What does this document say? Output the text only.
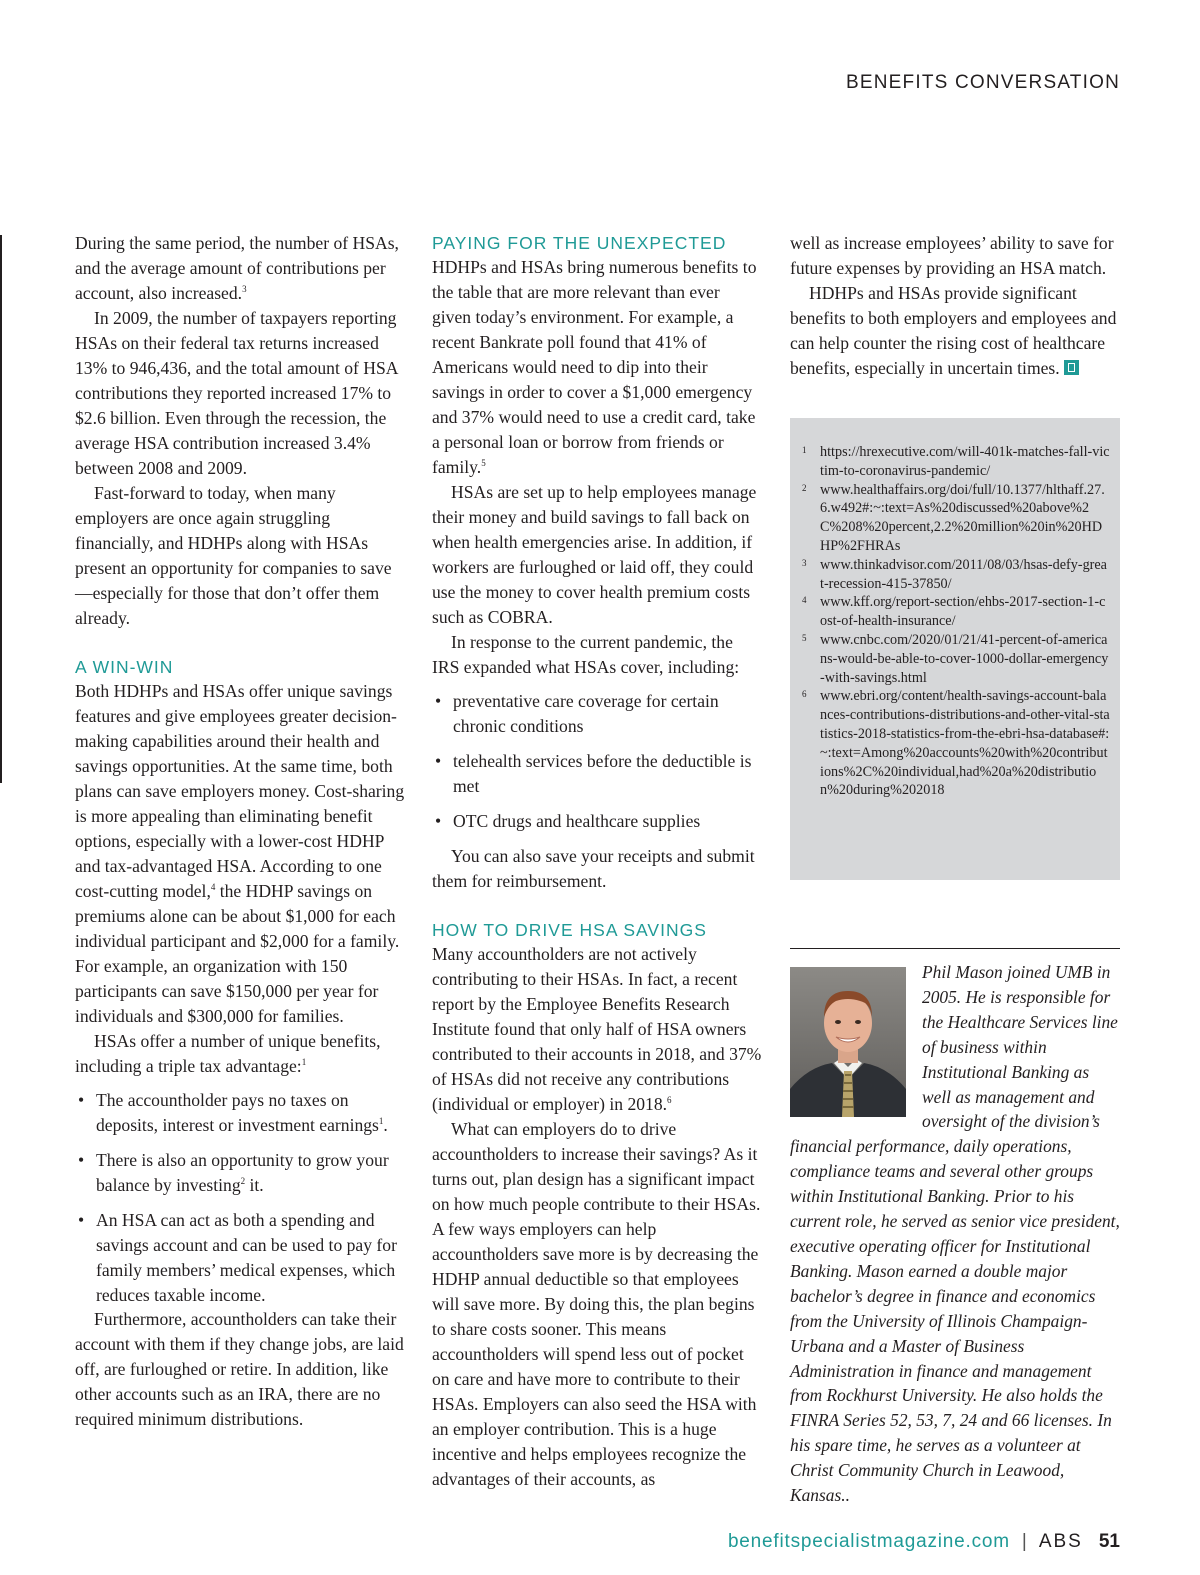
BENEFITS CONVERSATION

During the same period, the number of HSAs, and the average amount of contributions per account, also increased.$^3$

In 2009, the number of taxpayers reporting HSAs on their federal tax returns increased 13% to 946,436, and the total amount of HSA contributions they reported increased 17% to $2.6 billion. Even through the recession, the average HSA contribution increased 3.4% between 2008 and 2009.

Fast-forward to today, when many employers are once again struggling financially, and HDHPs along with HSAs present an opportunity for companies to save—especially for those that don’t offer them already.

A WIN-WIN

Both HDHPs and HSAs offer unique savings features and give employees greater decision-making capabilities around their health and savings opportunities. At the same time, both plans can save employers money. Cost-sharing is more appealing than eliminating benefit options, especially with a lower-cost HDHP and tax-advantaged HSA. According to one cost-cutting model,$^4$ the HDHP savings on premiums alone can be about $1,000 for each individual participant and $2,000 for a family. For example, an organization with 150 participants can save $150,000 per year for individuals and $300,000 for families.

HSAs offer a number of unique benefits, including a triple tax advantage:$^1$

• The accountholder pays no taxes on deposits, interest or investment earnings$^1$.
• There is also an opportunity to grow your balance by investing$^2$ it.
• An HSA can act as both a spending and savings account and can be used to pay for family members’ medical expenses, which reduces taxable income.

Furthermore, accountholders can take their account with them if they change jobs, are laid off, are furloughed or retire. In addition, like other accounts such as an IRA, there are no required minimum distributions.

PAYING FOR THE UNEXPECTED

HDHPs and HSAs bring numerous benefits to the table that are more relevant than ever given today’s environment. For example, a recent Bankrate poll found that 41% of Americans would need to dip into their savings in order to cover a $1,000 emergency and 37% would need to use a credit card, take a personal loan or borrow from friends or family.$^5$

HSAs are set up to help employees manage their money and build savings to fall back on when health emergencies arise. In addition, if workers are furloughed or laid off, they could use the money to cover health premium costs such as COBRA.

In response to the current pandemic, the IRS expanded what HSAs cover, including:

• preventative care coverage for certain chronic conditions
• telehealth services before the deductible is met
• OTC drugs and healthcare supplies

You can also save your receipts and submit them for reimbursement.

HOW TO DRIVE HSA SAVINGS

Many accountholders are not actively contributing to their HSAs. In fact, a recent report by the Employee Benefits Research Institute found that only half of HSA owners contributed to their accounts in 2018, and 37% of HSAs did not receive any contributions (individual or employer) in 2018.$^6$

What can employers do to drive accountholders to increase their savings? As it turns out, plan design has a significant impact on how much people contribute to their HSAs. A few ways employers can help accountholders save more is by decreasing the HDHP annual deductible so that employees will save more. By doing this, the plan begins to share costs sooner. This means accountholders will spend less out of pocket on care and have more to contribute to their HSAs. Employers can also seed the HSA with an employer contribution. This is a huge incentive and helps employees recognize the advantages of their accounts, as

well as increase employees’ ability to save for future expenses by providing an HSA match.

HDHPs and HSAs provide significant benefits to both employers and employees and can help counter the rising cost of healthcare benefits, especially in uncertain times.

1 https://hrexecutive.com/will-401k-matches-fall-victim-to-coronavirus-pandemic/
2 www.healthaffairs.org/doi/full/10.1377/hlthaff.27.6.w492#:~:text=As%20discussed%20above%2C%208%20percent,2.2%20million%20in%20HDHP%2FHRAs
3 www.thinkadvisor.com/2011/08/03/hsas-defy-great-recession-415-37850/
4 www.kff.org/report-section/ehbs-2017-section-1-cost-of-health-insurance/
5 www.cnbc.com/2020/01/21/41-percent-of-americans-would-be-able-to-cover-1000-dollar-emergency-with-savings.html
6 www.ebri.org/content/health-savings-account-balances-contributions-distributions-and-other-vital-statistics-2018-statistics-from-the-ebri-hsa-database#:~:text=Among%20accounts%20with%20contributions%2C%20individual,had%20a%20distribution%20during%202018

Phil Mason joined UMB in 2005. He is responsible for the Healthcare Services line of business within Institutional Banking as well as management and oversight of the division’s financial performance, daily operations, compliance teams and several other groups within Institutional Banking. Prior to his current role, he served as senior vice president, executive operating officer for Institutional Banking. Mason earned a double major bachelor’s degree in finance and economics from the University of Illinois Champaign-Urbana and a Master of Business Administration in finance and management from Rockhurst University. He also holds the FINRA Series 52, 53, 7, 24 and 66 licenses. In his spare time, he serves as a volunteer at Christ Community Church in Leawood, Kansas..

benefitspecialistmagazine.com | ABS 51
